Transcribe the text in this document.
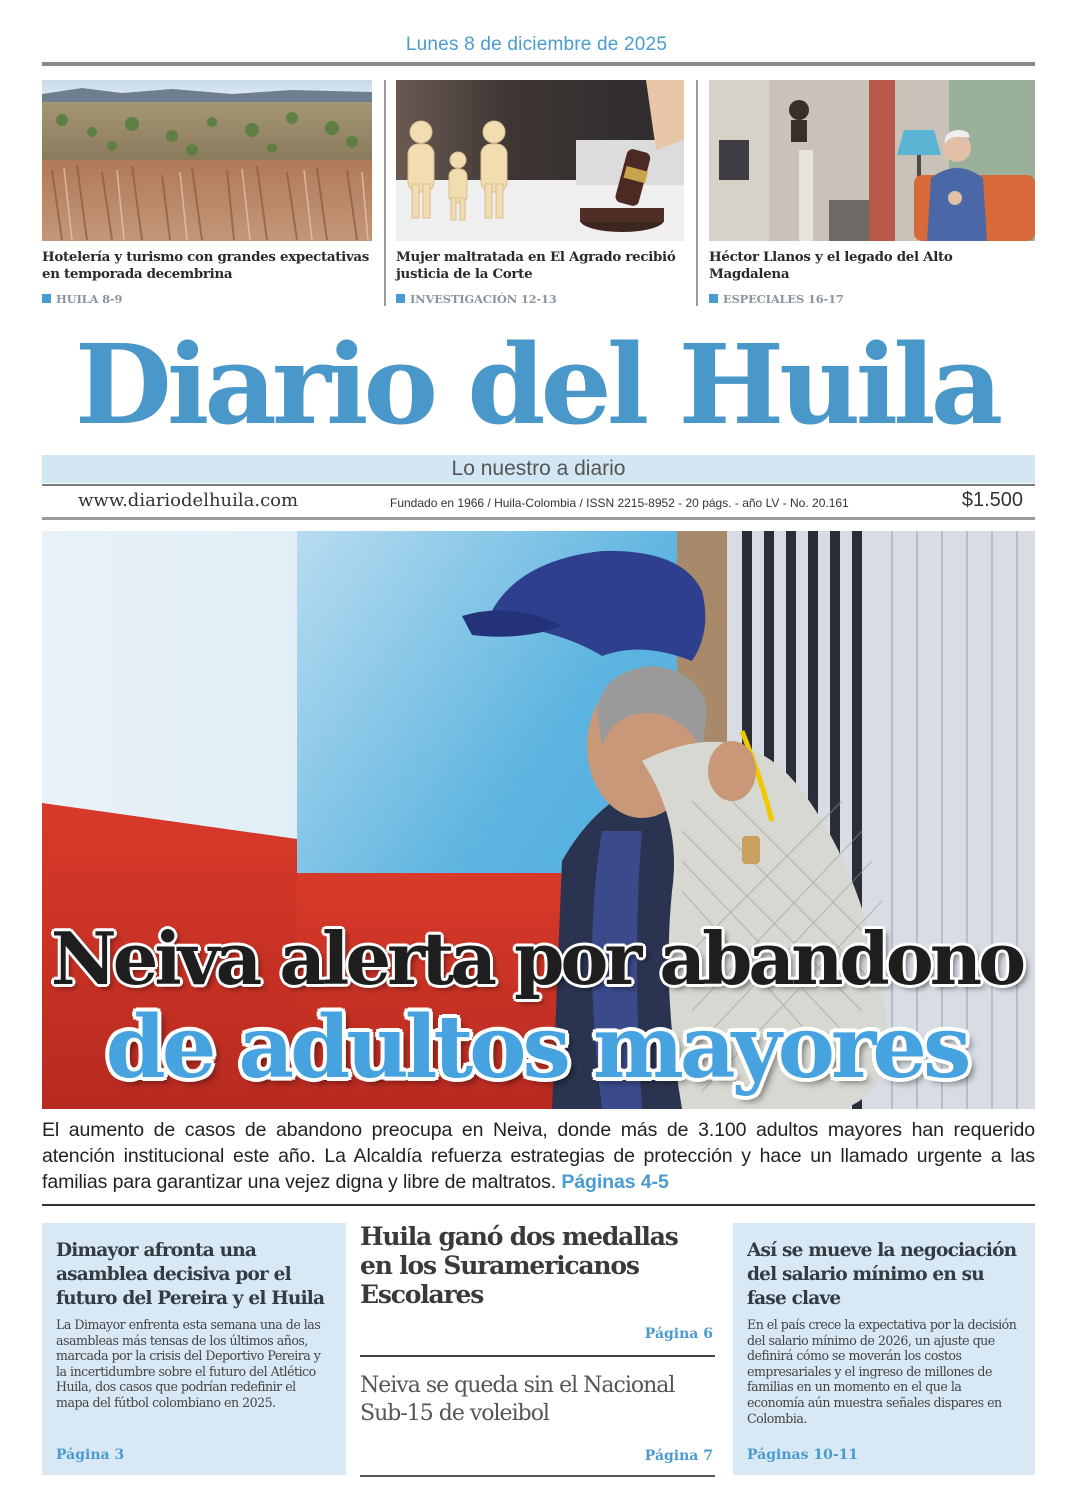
Lunes 8 de diciembre de 2025
Hotelería y turismo con grandes expectativas en temporada decembrina
HUILA 8-9
Mujer maltratada en El Agrado recibió justicia de la Corte
INVESTIGACIÓN 12-13
Héctor Llanos y el legado del Alto Magdalena
ESPECIALES 16-17
Diario del Huila
Lo nuestro a diario
www.diariodelhuila.com	Fundado en 1966 / Huila-Colombia / ISSN 2215-8952 - 20 págs. - año LV - No. 20.161	$1.500
Neiva alerta por abandono
de adultos mayores
El aumento de casos de abandono preocupa en Neiva, donde más de 3.100 adultos mayores han requerido atención institucional este año. La Alcaldía refuerza estrategias de protección y hace un llamado urgente a las familias para garantizar una vejez digna y libre de maltratos. Páginas 4-5
Dimayor afronta una asamblea decisiva por el futuro del Pereira y el Huila

La Dimayor enfrenta esta semana una de las asambleas más tensas de los últimos años, marcada por la crisis del Deportivo Pereira y la incertidumbre sobre el futuro del Atlético Huila, dos casos que podrían redefinir el mapa del fútbol colombiano en 2025.

Página 3
Huila ganó dos medallas en los Suramericanos Escolares
Página 6
Neiva se queda sin el Nacional Sub-15 de voleibol
Página 7
Así se mueve la negociación del salario mínimo en su fase clave

En el país crece la expectativa por la decisión del salario mínimo de 2026, un ajuste que definirá cómo se moverán los costos empresariales y el ingreso de millones de familias en un momento en el que la economía aún muestra señales dispares en Colombia.

Páginas 10-11
